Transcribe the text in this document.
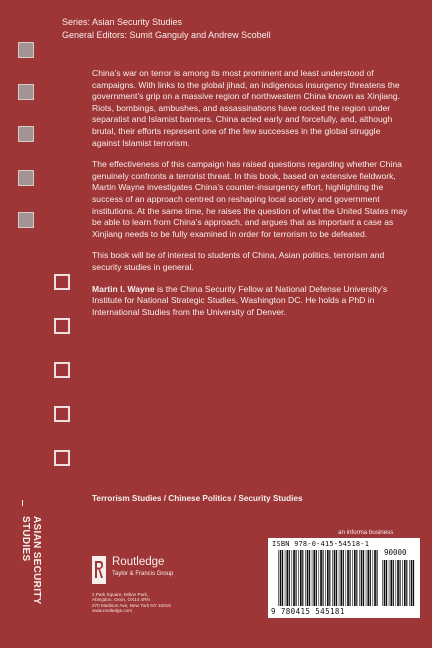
Series: Asian Security Studies
General Editors: Sumit Ganguly and Andrew Scobell

China’s war on terror is among its most prominent and least understood of campaigns. With links to the global jihad, an indigenous insurgency threatens the government’s grip on a massive region of northwestern China known as Xinjiang. Riots, bombings, ambushes, and assassinations have rocked the region under separatist and Islamist banners. China acted early and forcefully, and, although brutal, their efforts represent one of the few successes in the global struggle against Islamist terrorism.

The effectiveness of this campaign has raised questions regarding whether China genuinely confronts a terrorist threat. In this book, based on extensive fieldwork, Martin Wayne investigates China’s counter-insurgency effort, highlighting the success of an approach centred on reshaping local society and government institutions. At the same time, he raises the question of what the United States may be able to learn from China’s approach, and argues that as important a case as Xinjiang needs to be fully examined in order for terrorism to be defeated.

This book will be of interest to students of China, Asian politics, terrorism and security studies in general.

Martin I. Wayne is the China Security Fellow at National Defense University’s Institute for National Strategic Studies, Washington DC. He holds a PhD in International Studies from the University of Denver.

Terrorism Studies / Chinese Politics / Security Studies
ASIAN SECURITY STUDIES	an informa business
ISBN 978-0-415-54518-1
90000
9 780415 545181
Routledge
Taylor & Francis Group
2 Park Square, Milton Park,
Abingdon, Oxon, OX14 4RN
270 Madison Ave, New York NY 10016
www.routledge.com
